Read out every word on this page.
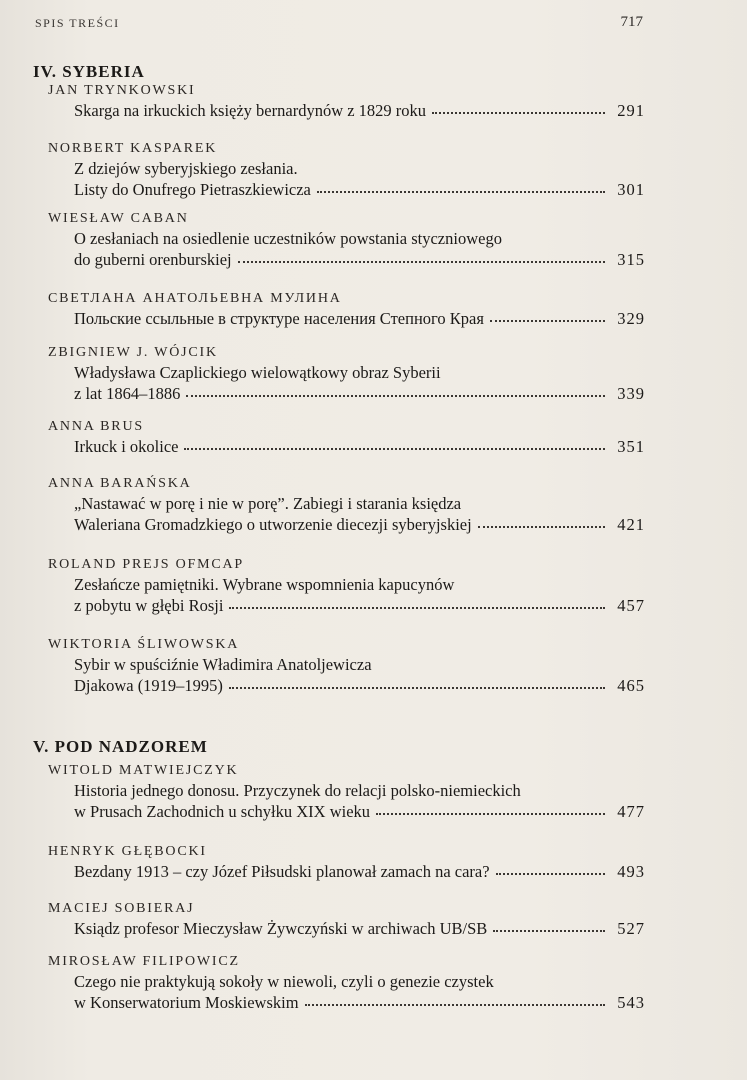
SPIS TREŚCI	717
IV. SYBERIA
JAN TRYNKOWSKI
Skarga na irkuckich księży bernardynów z 1829 roku	291
NORBERT KASPAREK
Z dziejów syberyjskiego zesłania.
Listy do Onufrego Pietraszkiewicza	301
WIESŁAW CABAN
O zesłaniach na osiedlenie uczestników powstania styczniowego
do guberni orenburskiej	315
СВЕТЛАНА АНАТОЛЬЕВНА МУЛИНА
Польские ссыльные в структуре населения Степного Края	329
ZBIGNIEW J. WÓJCIK
Władysława Czaplickiego wielowątkowy obraz Syberii
z lat 1864–1886	339
ANNA BRUS
Irkuck i okolice	351
ANNA BARAŃSKA
„Nastawać w porę i nie w porę”. Zabiegi i starania księdza
Waleriana Gromadzkiego o utworzenie diecezji syberyjskiej	421
ROLAND PREJS OFMCAP
Zesłańcze pamiętniki. Wybrane wspomnienia kapucynów
z pobytu w głębi Rosji	457
WIKTORIA ŚLIWOWSKA
Sybir w spuściźnie Władimira Anatoljewicza
Djakowa (1919–1995)	465
V. POD NADZOREM
WITOLD MATWIEJCZYK
Historia jednego donosu. Przyczynek do relacji polsko-niemieckich
w Prusach Zachodnich u schyłku XIX wieku	477
HENRYK GŁĘBOCKI
Bezdany 1913 – czy Józef Piłsudski planował zamach na cara?	493
MACIEJ SOBIERAJ
Ksiądz profesor Mieczysław Żywczyński w archiwach UB/SB	527
MIROSŁAW FILIPOWICZ
Czego nie praktykują sokoły w niewoli, czyli o genezie czystek
w Konserwatorium Moskiewskim	543
